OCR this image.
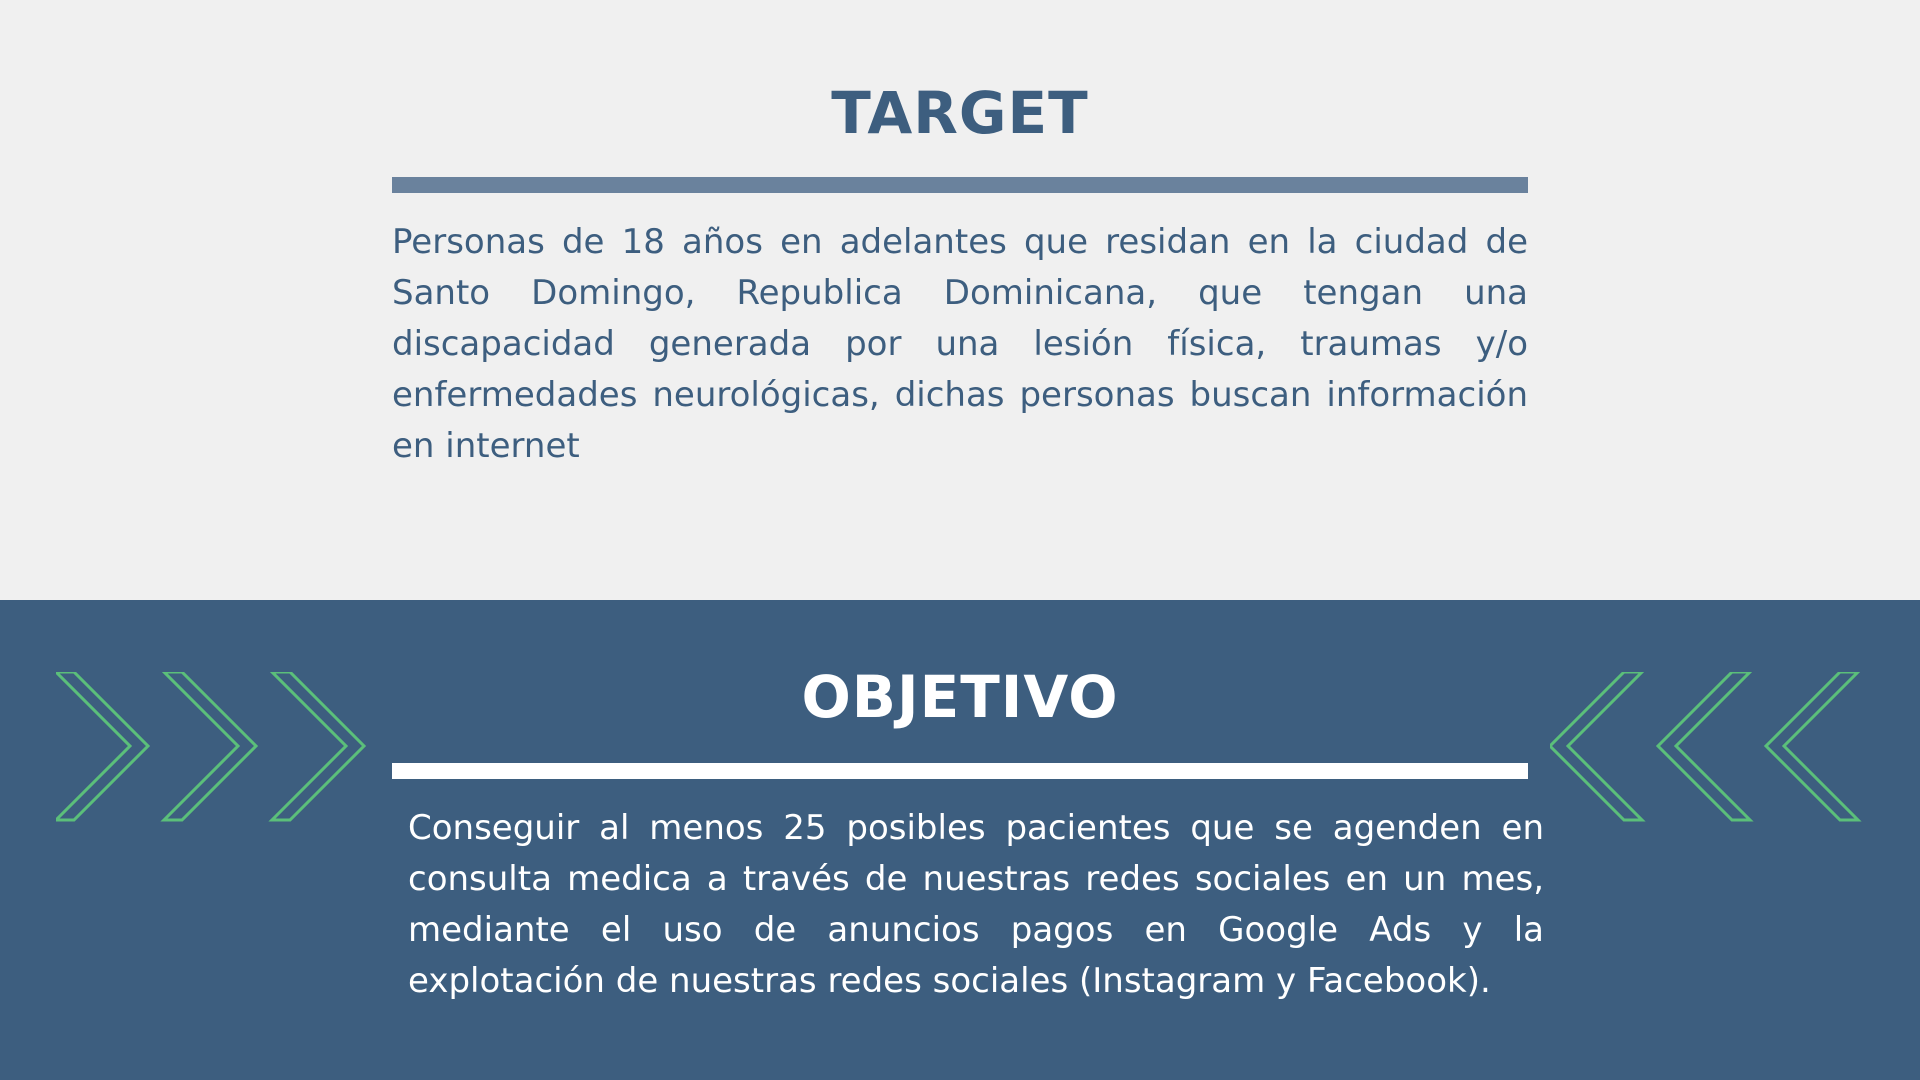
TARGET

Personas de 18 años en adelantes que residan en la ciudad de Santo Domingo, Republica Dominicana, que tengan una discapacidad generada por una lesión física, traumas y/o enfermedades neurológicas, dichas personas buscan información en internet

OBJETIVO

Conseguir al menos 25 posibles pacientes que se agenden en consulta medica a través de nuestras redes sociales en un mes, mediante el uso de anuncios pagos en Google Ads y la explotación de nuestras redes sociales (Instagram y Facebook).
